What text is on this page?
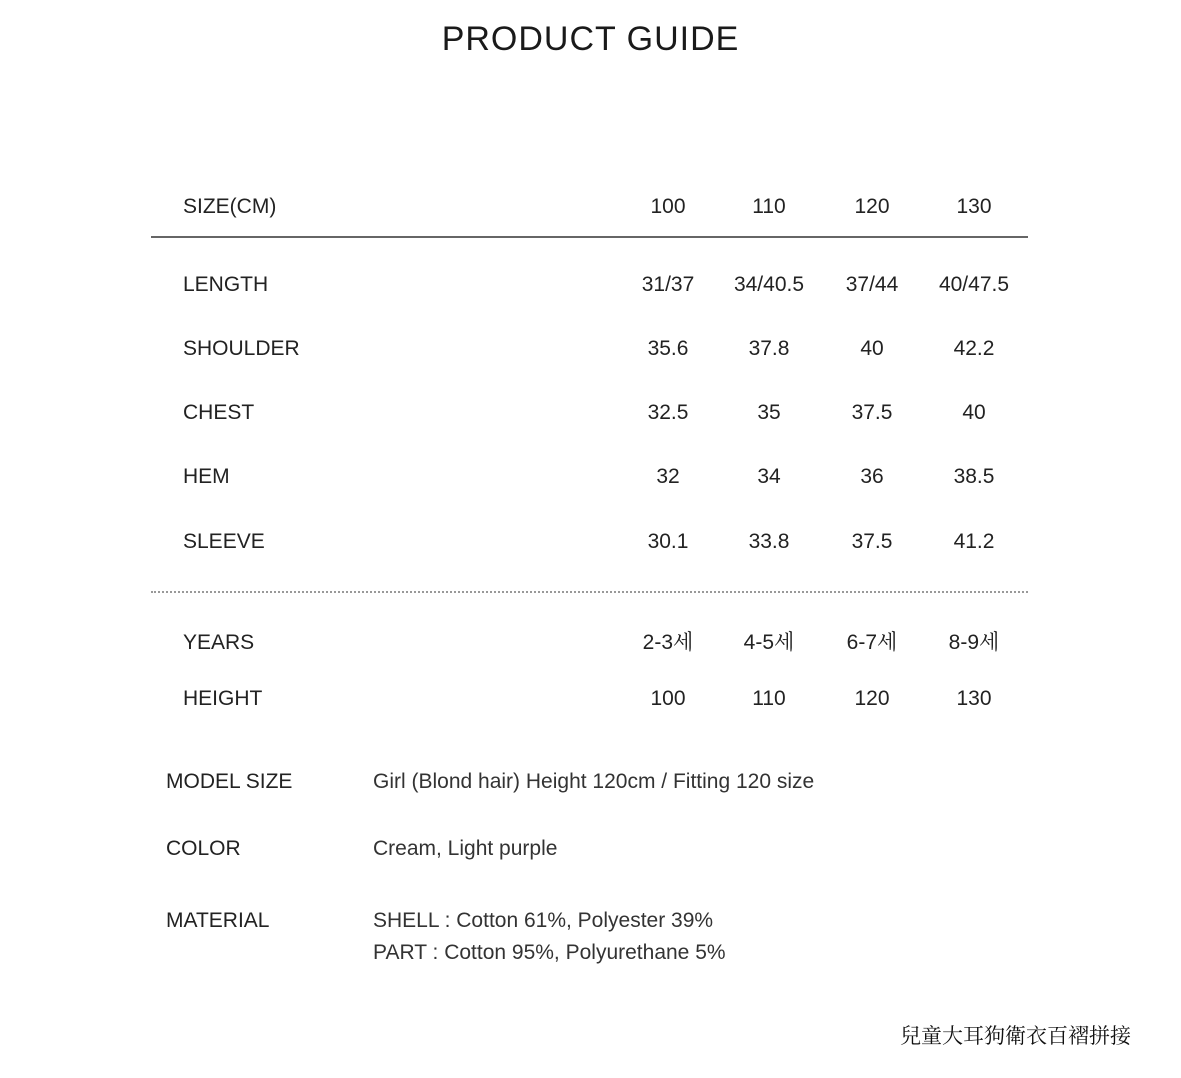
PRODUCT GUIDE
SIZE(CM)	100	110	120	130
LENGTH	31/37	34/40.5	37/44	40/47.5
SHOULDER	35.6	37.8	40	42.2
CHEST	32.5	35	37.5	40
HEM	32	34	36	38.5
SLEEVE	30.1	33.8	37.5	41.2
YEARS	2-3세	4-5세	6-7세	8-9세
HEIGHT	100	110	120	130
MODEL SIZE	Girl (Blond hair) Height 120cm / Fitting 120 size
COLOR	Cream, Light purple
MATERIAL	SHELL : Cotton 61%, Polyester 39%
PART : Cotton 95%, Polyurethane 5%
兒童大耳狗衛衣百褶拼接
